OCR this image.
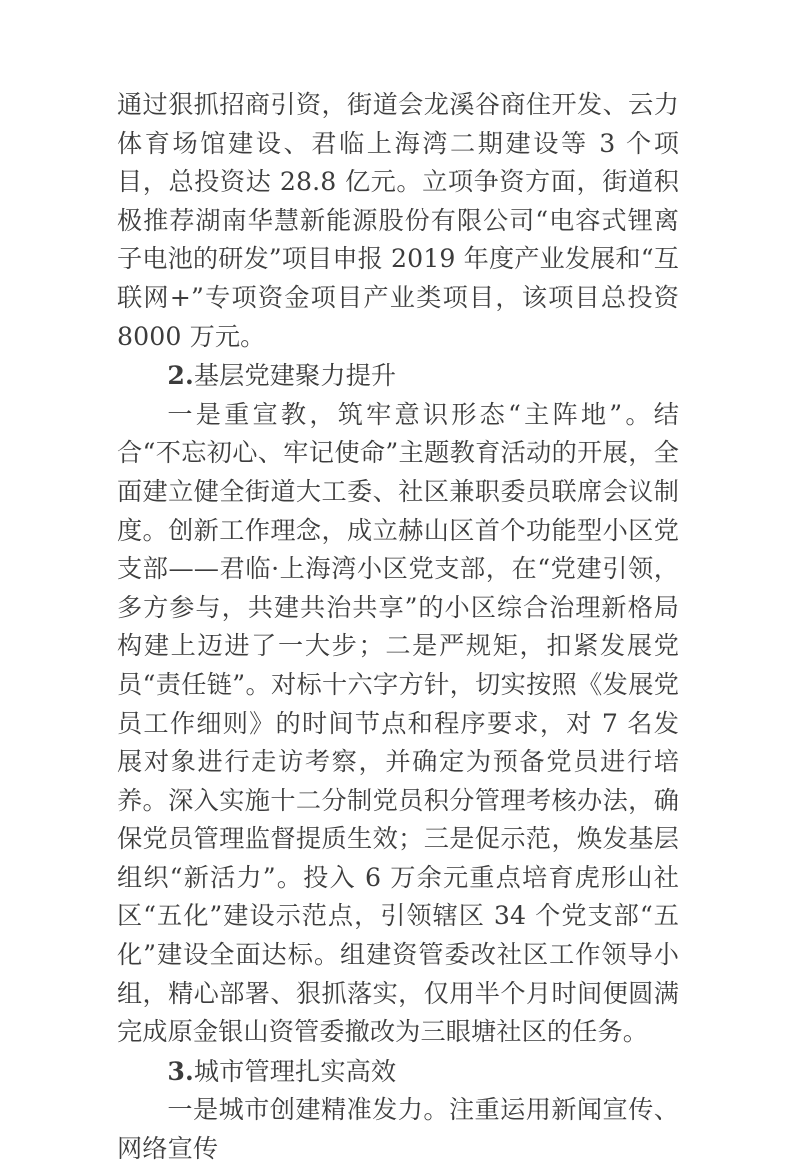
通过狠抓招商引资，街道会龙溪谷商住开发、云力体育场馆建设、君临上海湾二期建设等 3 个项目，总投资达 28.8 亿元。立项争资方面，街道积极推荐湖南华慧新能源股份有限公司“电容式锂离子电池的研发”项目申报 2019 年度产业发展和“互联网+”专项资金项目产业类项目，该项目总投资 8000 万元。

2.基层党建聚力提升

一是重宣教，筑牢意识形态“主阵地”。结合“不忘初心、牢记使命”主题教育活动的开展，全面建立健全街道大工委、社区兼职委员联席会议制度。创新工作理念，成立赫山区首个功能型小区党支部——君临·上海湾小区党支部，在“党建引领，多方参与，共建共治共享”的小区综合治理新格局构建上迈进了一大步；二是严规矩，扣紧发展党员“责任链”。对标十六字方针，切实按照《发展党员工作细则》的时间节点和程序要求，对 7 名发展对象进行走访考察，并确定为预备党员进行培养。深入实施十二分制党员积分管理考核办法，确保党员管理监督提质生效；三是促示范，焕发基层组织“新活力”。投入 6 万余元重点培育虎形山社区“五化”建设示范点，引领辖区 34 个党支部“五化”建设全面达标。组建资管委改社区工作领导小组，精心部署、狠抓落实，仅用半个月时间便圆满完成原金银山资管委撤改为三眼塘社区的任务。

3.城市管理扎实高效

一是城市创建精准发力。注重运用新闻宣传、网络宣传
